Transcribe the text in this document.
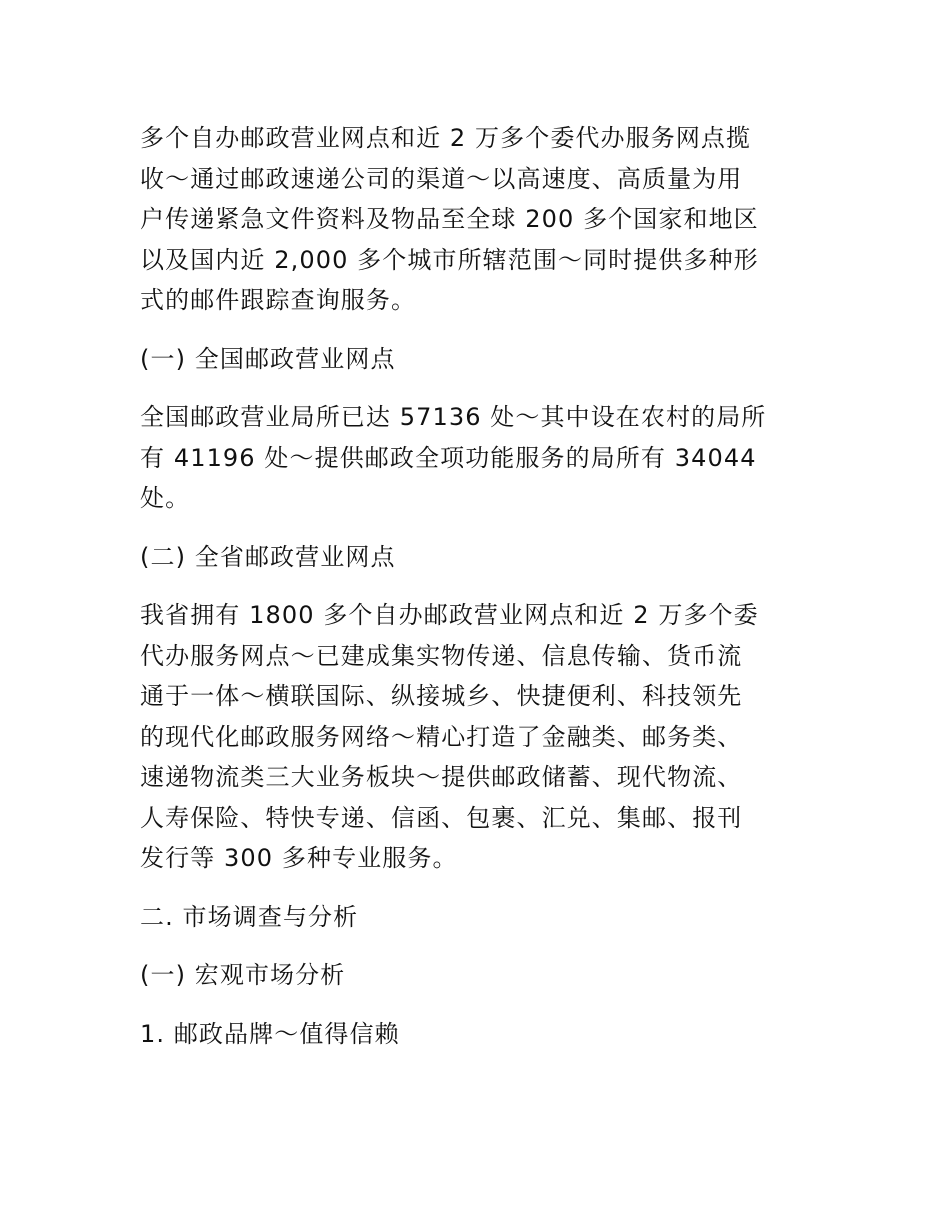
多个自办邮政营业网点和近 2 万多个委代办服务网点揽
收～通过邮政速递公司的渠道～以高速度、高质量为用
户传递紧急文件资料及物品至全球 200 多个国家和地区
以及国内近 2,000 多个城市所辖范围～同时提供多种形
式的邮件跟踪查询服务。
(一) 全国邮政营业网点
全国邮政营业局所已达 57136 处～其中设在农村的局所
有 41196 处～提供邮政全项功能服务的局所有 34044
处。
(二) 全省邮政营业网点
我省拥有 1800 多个自办邮政营业网点和近 2 万多个委
代办服务网点～已建成集实物传递、信息传输、货币流
通于一体～横联国际、纵接城乡、快捷便利、科技领先
的现代化邮政服务网络～精心打造了金融类、邮务类、
速递物流类三大业务板块～提供邮政储蓄、现代物流、
人寿保险、特快专递、信函、包裹、汇兑、集邮、报刊
发行等 300 多种专业服务。
二. 市场调查与分析
(一) 宏观市场分析
1. 邮政品牌～值得信赖
